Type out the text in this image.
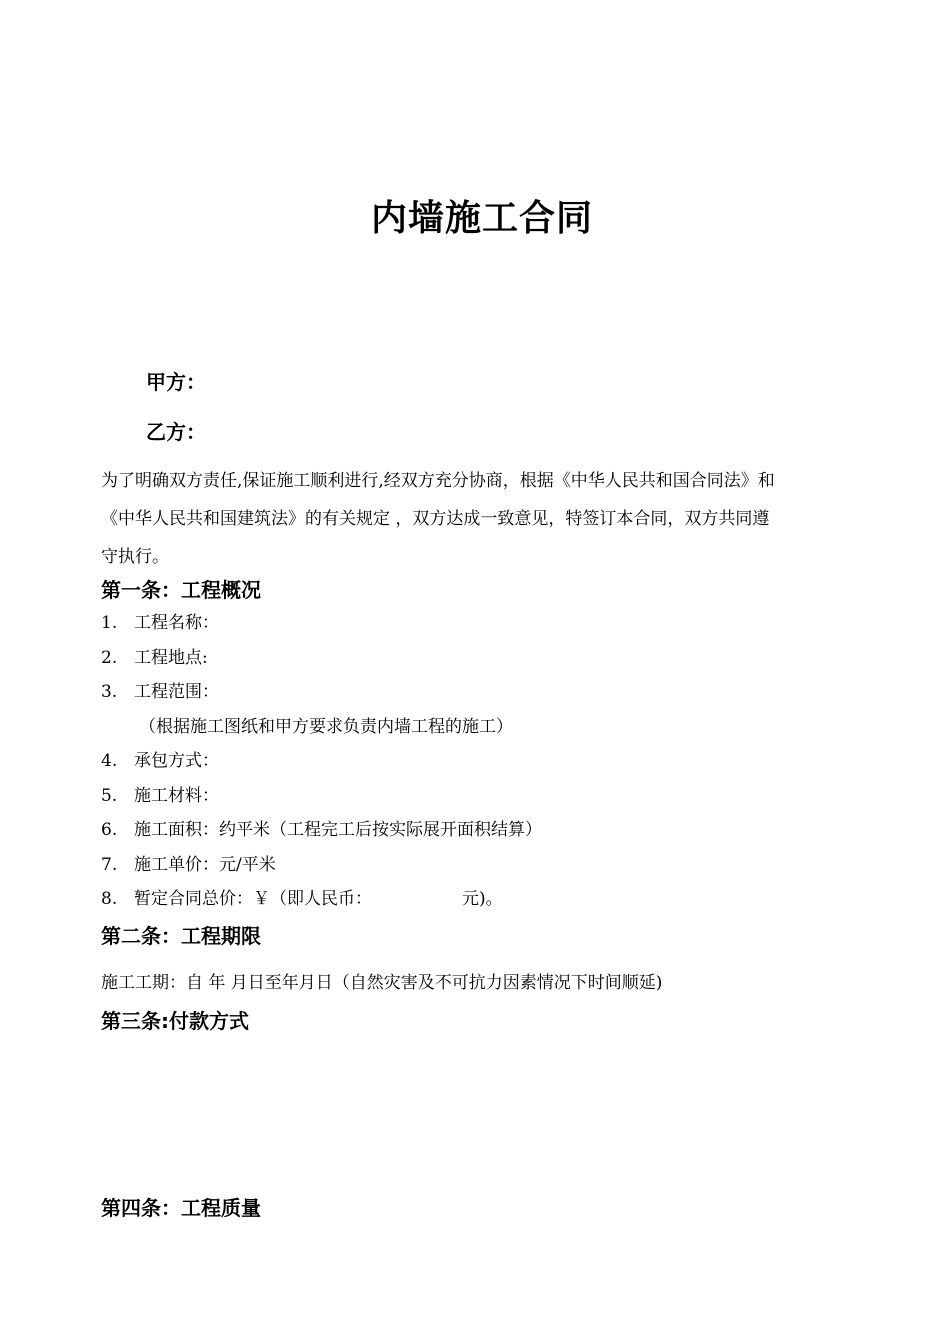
内墙施工合同
甲方：
乙方：

为了明确双方责任,保证施工顺利进行,经双方充分协商，根据《中华人民共和国合同法》和

《中华人民共和国建筑法》的有关规定 ，双方达成一致意见，特签订本合同，双方共同遵

守执行。

第一条：工程概况
1. 工程名称：
2. 工程地点:
3. 工程范围：
（根据施工图纸和甲方要求负责内墙工程的施工）
4. 承包方式：
5. 施工材料：
6. 施工面积：约平米（工程完工后按实际展开面积结算）
7. 施工单价：元/平米
8. 暂定合同总价：￥（即人民币：	元)。
第二条：工程期限
施工工期：自 年 月日至年月日（自然灾害及不可抗力因素情况下时间顺延)
第三条:付款方式
第四条：工程质量
